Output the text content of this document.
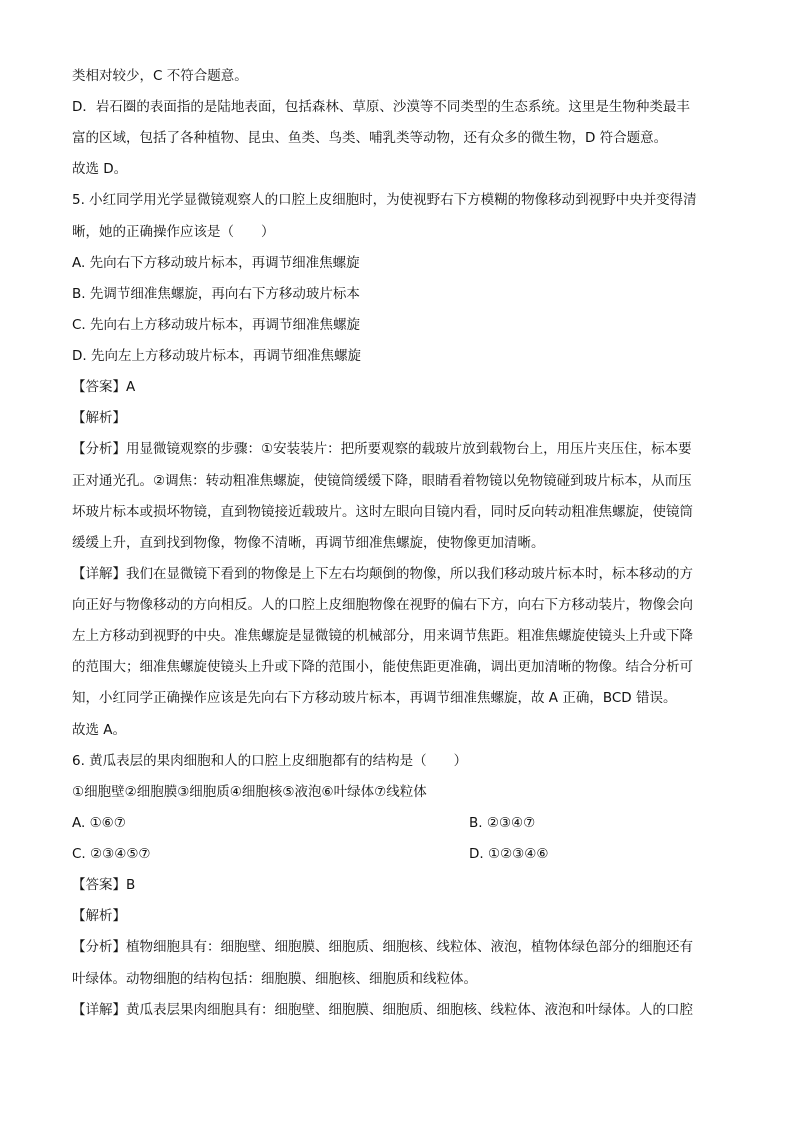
类相对较少，C 不符合题意。
D．岩石圈的表面指的是陆地表面，包括森林、草原、沙漠等不同类型的生态系统。这里是生物种类最丰
富的区域，包括了各种植物、昆虫、鱼类、鸟类、哺乳类等动物，还有众多的微生物，D 符合题意。
故选 D。
5. 小红同学用光学显微镜观察人的口腔上皮细胞时，为使视野右下方模糊的物像移动到视野中央并变得清
晰，她的正确操作应该是（　　）
A. 先向右下方移动玻片标本，再调节细准焦螺旋
B. 先调节细准焦螺旋，再向右下方移动玻片标本
C. 先向右上方移动玻片标本，再调节细准焦螺旋
D. 先向左上方移动玻片标本，再调节细准焦螺旋
【答案】A
【解析】
【分析】用显微镜观察的步骤：①安装装片：把所要观察的载玻片放到载物台上，用压片夹压住，标本要
正对通光孔。②调焦：转动粗准焦螺旋，使镜筒缓缓下降，眼睛看着物镜以免物镜碰到玻片标本，从而压
坏玻片标本或损坏物镜，直到物镜接近载玻片。这时左眼向目镜内看，同时反向转动粗准焦螺旋，使镜筒
缓缓上升，直到找到物像，物像不清晰，再调节细准焦螺旋，使物像更加清晰。
【详解】我们在显微镜下看到的物像是上下左右均颠倒的物像，所以我们移动玻片标本时，标本移动的方
向正好与物像移动的方向相反。人的口腔上皮细胞物像在视野的偏右下方，向右下方移动装片，物像会向
左上方移动到视野的中央。准焦螺旋是显微镜的机械部分，用来调节焦距。粗准焦螺旋使镜头上升或下降
的范围大；细准焦螺旋使镜头上升或下降的范围小，能使焦距更准确，调出更加清晰的物像。结合分析可
知，小红同学正确操作应该是先向右下方移动玻片标本，再调节细准焦螺旋，故 A 正确，BCD 错误。
故选 A。
6. 黄瓜表层的果肉细胞和人的口腔上皮细胞都有的结构是（　　）
①细胞壁②细胞膜③细胞质④细胞核⑤液泡⑥叶绿体⑦线粒体
A. ①⑥⑦	B. ②③④⑦
C. ②③④⑤⑦	D. ①②③④⑥
【答案】B
【解析】
【分析】植物细胞具有：细胞壁、细胞膜、细胞质、细胞核、线粒体、液泡，植物体绿色部分的细胞还有
叶绿体。动物细胞的结构包括：细胞膜、细胞核、细胞质和线粒体。
【详解】黄瓜表层果肉细胞具有：细胞壁、细胞膜、细胞质、细胞核、线粒体、液泡和叶绿体。人的口腔
